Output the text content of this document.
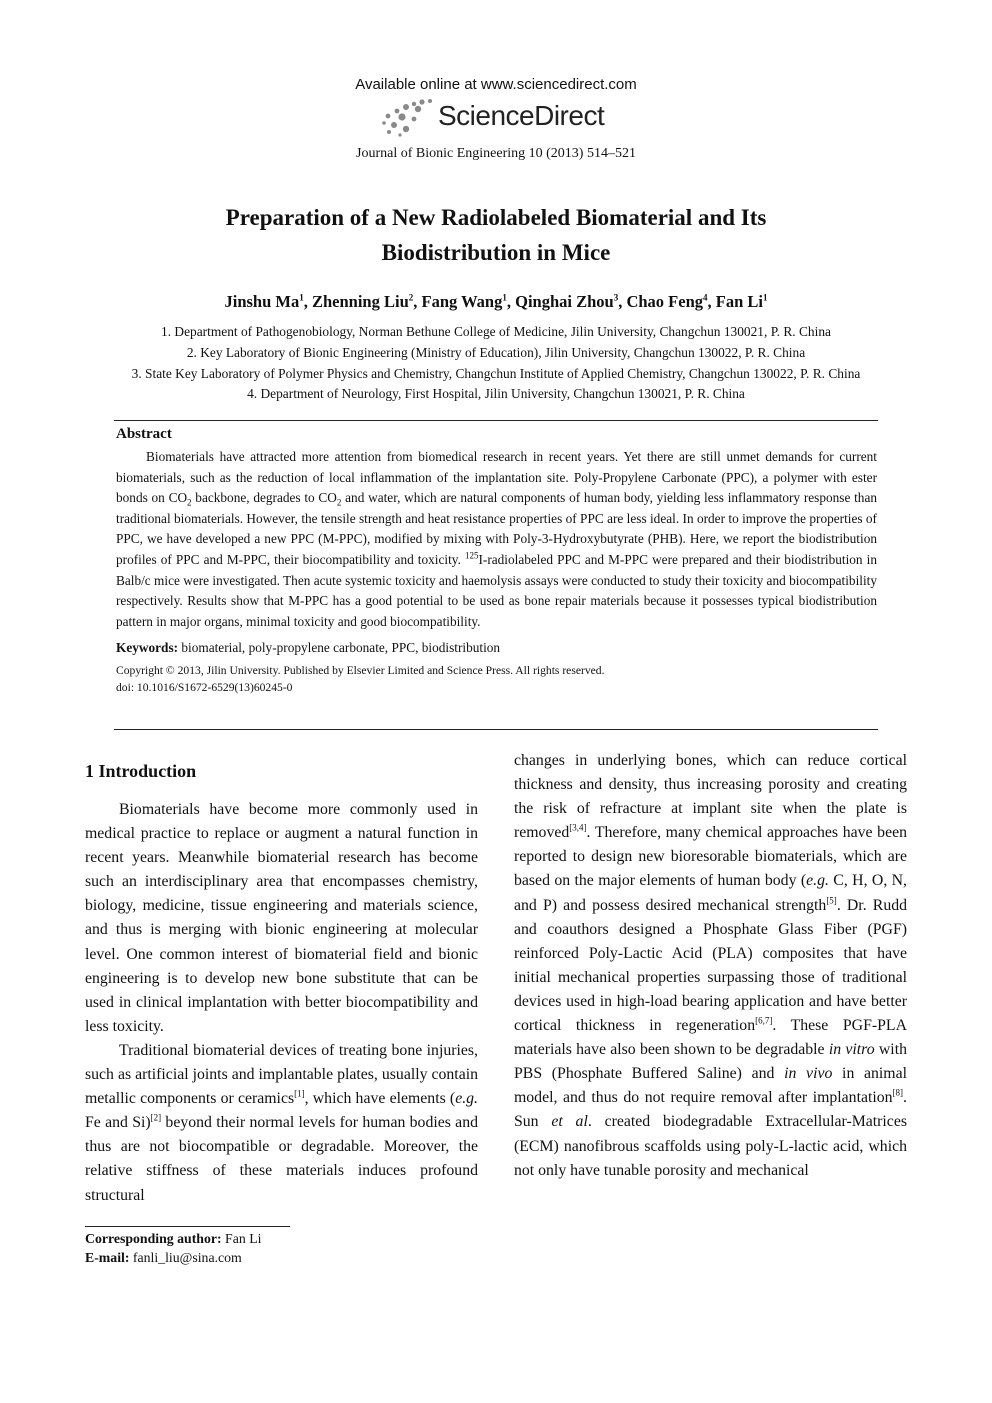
Available online at www.sciencedirect.com
ScienceDirect
Journal of Bionic Engineering 10 (2013) 514–521
Preparation of a New Radiolabeled Biomaterial and Its
Biodistribution in Mice
Jinshu Ma$^1$, Zhenning Liu$^2$, Fang Wang$^1$, Qinghai Zhou$^3$, Chao Feng$^4$, Fan Li$^1$
1. Department of Pathogenobiology, Norman Bethune College of Medicine, Jilin University, Changchun 130021, P. R. China
2. Key Laboratory of Bionic Engineering (Ministry of Education), Jilin University, Changchun 130022, P. R. China
3. State Key Laboratory of Polymer Physics and Chemistry, Changchun Institute of Applied Chemistry, Changchun 130022, P. R. China
4. Department of Neurology, First Hospital, Jilin University, Changchun 130021, P. R. China
Abstract

Biomaterials have attracted more attention from biomedical research in recent years. Yet there are still unmet demands for current biomaterials, such as the reduction of local inflammation of the implantation site. Poly-Propylene Carbonate (PPC), a polymer with ester bonds on $CO_2$ backbone, degrades to $CO_2$ and water, which are natural components of human body, yielding less inflammatory response than traditional biomaterials. However, the tensile strength and heat resistance properties of PPC are less ideal. In order to improve the properties of PPC, we have developed a new PPC (M-PPC), modified by mixing with Poly-3-Hydroxybutyrate (PHB). Here, we report the biodistribution profiles of PPC and M-PPC, their biocompatibility and toxicity. $^{125}$I-radiolabeled PPC and M-PPC were prepared and their biodistribution in Balb/c mice were investigated. Then acute systemic toxicity and haemolysis assays were conducted to study their toxicity and biocompatibility respectively. Results show that M-PPC has a good potential to be used as bone repair materials because it possesses typical biodistribution pattern in major organs, minimal toxicity and good biocompatibility.

Keywords: biomaterial, poly-propylene carbonate, PPC, biodistribution
Copyright © 2013, Jilin University. Published by Elsevier Limited and Science Press. All rights reserved.
doi: 10.1016/S1672-6529(13)60245-0
1 Introduction

Biomaterials have become more commonly used in medical practice to replace or augment a natural function in recent years. Meanwhile biomaterial research has become such an interdisciplinary area that encompasses chemistry, biology, medicine, tissue engineering and materials science, and thus is merging with bionic engineering at molecular level. One common interest of biomaterial field and bionic engineering is to develop new bone substitute that can be used in clinical implantation with better biocompatibility and less toxicity.

Traditional biomaterial devices of treating bone injuries, such as artificial joints and implantable plates, usually contain metallic components or ceramics[1], which have elements (e.g. Fe and Si)[2] beyond their normal levels for human bodies and thus are not biocompatible or degradable. Moreover, the relative stiffness of these materials induces profound structural

changes in underlying bones, which can reduce cortical thickness and density, thus increasing porosity and creating the risk of refracture at implant site when the plate is removed[3,4]. Therefore, many chemical approaches have been reported to design new bioresorable biomaterials, which are based on the major elements of human body (e.g. C, H, O, N, and P) and possess desired mechanical strength[5]. Dr. Rudd and coauthors designed a Phosphate Glass Fiber (PGF) reinforced Poly-Lactic Acid (PLA) composites that have initial mechanical properties surpassing those of traditional devices used in high-load bearing application and have better cortical thickness in regeneration[6,7]. These PGF-PLA materials have also been shown to be degradable in vitro with PBS (Phosphate Buffered Saline) and in vivo in animal model, and thus do not require removal after implantation[8]. Sun et al. created biodegradable Extracellular-Matrices (ECM) nanofibrous scaffolds using poly-L-lactic acid, which not only have tunable porosity and mechanical

Corresponding author: Fan Li
E-mail: fanli_liu@sina.com
